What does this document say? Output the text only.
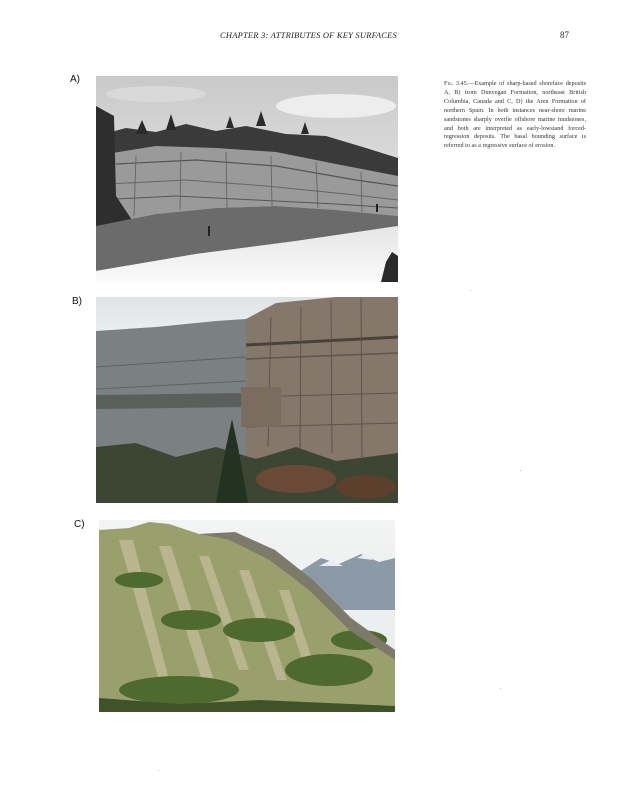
CHAPTER 3: ATTRIBUTES OF KEY SURFACES	87
A)
B)
C)
Fig. 3.45.—Example of sharp-based shoreface deposits A, B) from Dunvegan Formation, northeast British Columbia, Canada and C, D) the Aren Formation of northern Spain. In both instances near-shore marine sandstones sharply overlie offshore marine mudstones, and both are interpreted as early-lowstand forced-regression deposits. The basal bounding surface is referred to as a regressive surface of erosion.
